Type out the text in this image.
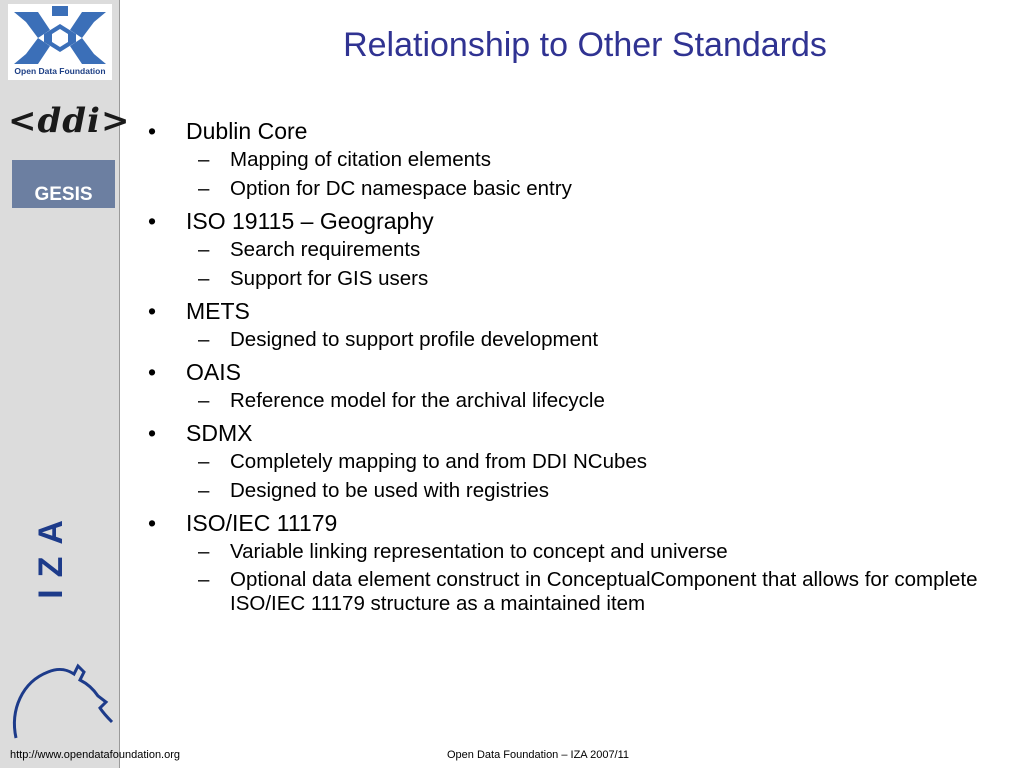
Open Data Foundation
<ddi>
GESIS
IZA
Relationship to Other Standards
• Dublin Core
– Mapping of citation elements
– Option for DC namespace basic entry
• ISO 19115 – Geography
– Search requirements
– Support for GIS users
• METS
– Designed to support profile development
• OAIS
– Reference model for the archival lifecycle
• SDMX
– Completely mapping to and from DDI NCubes
– Designed to be used with registries
• ISO/IEC 11179
– Variable linking representation to concept and universe
– Optional data element construct in ConceptualComponent that allows for complete ISO/IEC 11179 structure as a maintained item
http://www.opendatafoundation.org	Open Data Foundation – IZA 2007/11
